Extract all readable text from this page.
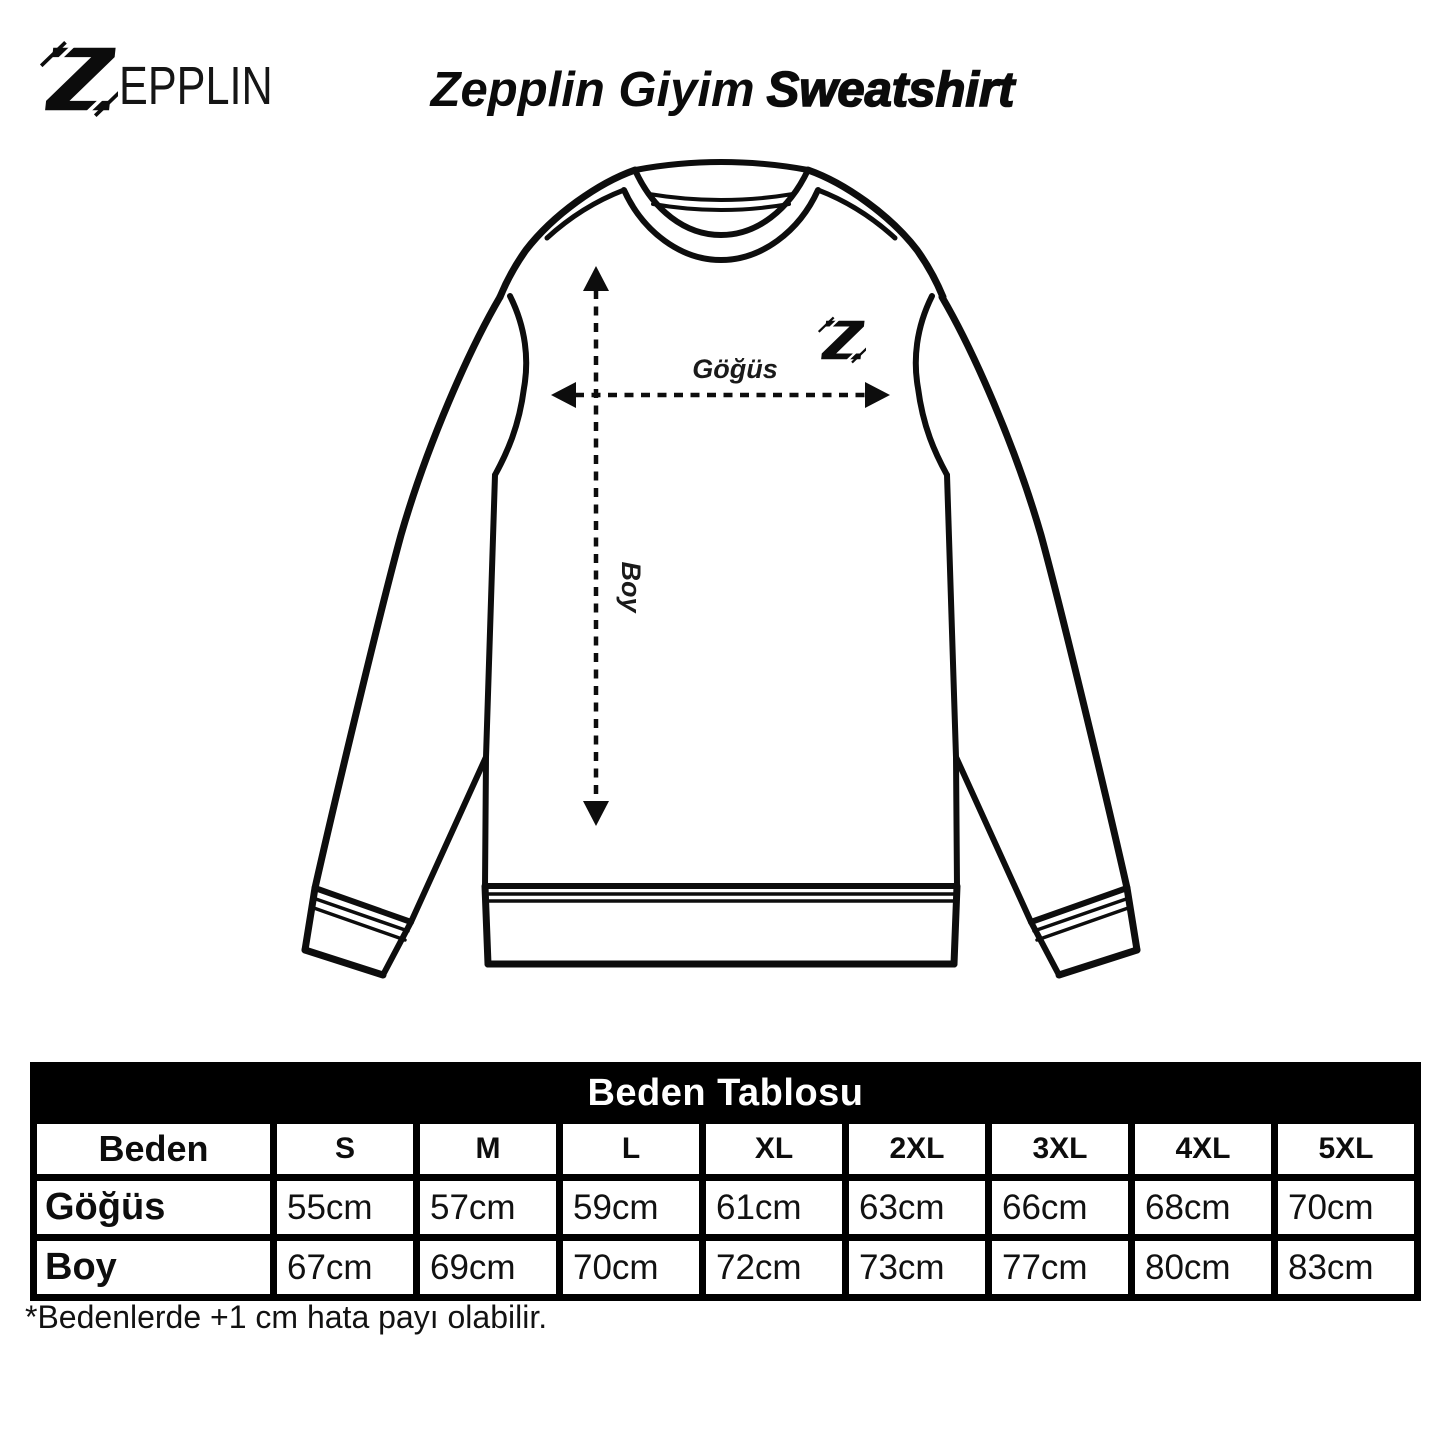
EPPLIN	Zepplin Giyim Sweatshirt
Göğüs
Boy
Beden Tablosu								
Beden	S	M	L	XL	2XL	3XL	4XL	5XL
Göğüs	55cm	57cm	59cm	61cm	63cm	66cm	68cm	70cm
Boy	67cm	69cm	70cm	72cm	73cm	77cm	80cm	83cm

*Bedenlerde +1 cm hata payı olabilir.
